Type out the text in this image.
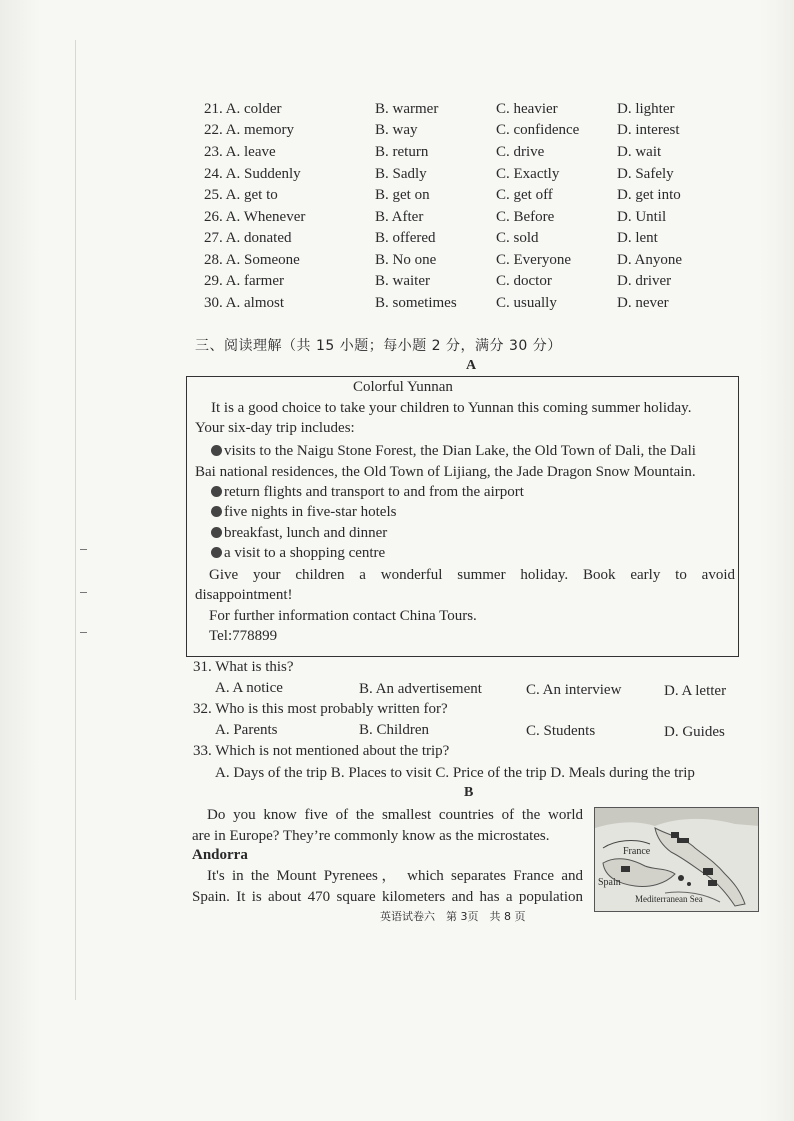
21. A. colder	B. warmer	C. heavier	D. lighter
22. A. memory	B. way	C. confidence	D. interest
23. A. leave	B. return	C. drive	D. wait
24. A. Suddenly	B. Sadly	C. Exactly	D. Safely
25. A. get to	B. get on	C. get off	D. get into
26. A. Whenever	B. After	C. Before	D. Until
27. A. donated	B. offered	C. sold	D. lent
28. A. Someone	B. No one	C. Everyone	D. Anyone
29. A. farmer	B. waiter	C. doctor	D. driver
30. A. almost	B. sometimes	C. usually	D. never
三、阅读理解（共 15 小题；每小题 2 分，满分 30 分）
A
Colorful Yunnan
It is a good choice to take your children to Yunnan this coming summer holiday.
Your six-day trip includes:
visits to the Naigu Stone Forest, the Dian Lake, the Old Town of Dali, the Dali
Bai national residences, the Old Town of Lijiang, the Jade Dragon Snow Mountain.
return flights and transport to and from the airport
five nights in five-star hotels
breakfast, lunch and dinner
a visit to a shopping centre
Give your children a wonderful summer holiday. Book early to avoid
disappointment!
For further information contact China Tours.
Tel:778899
31. What is this?
A. A notice	B. An advertisement	C. An interview	D. A letter
32. Who is this most probably written for?
A. Parents	B. Children	C. Students	D. Guides
33. Which is not mentioned about the trip?
A. Days of the trip B. Places to visit C. Price of the trip D. Meals during the trip
B
Do you know five of the smallest countries of the world
are in Europe? They’re commonly know as the microstates.
Andorra
It's in the Mount Pyrenees， which separates France and
Spain. It is about 470 square kilometers and has a population
France
Spain
Mediterranean Sea
英语试卷六　第 3页　共 8 页
